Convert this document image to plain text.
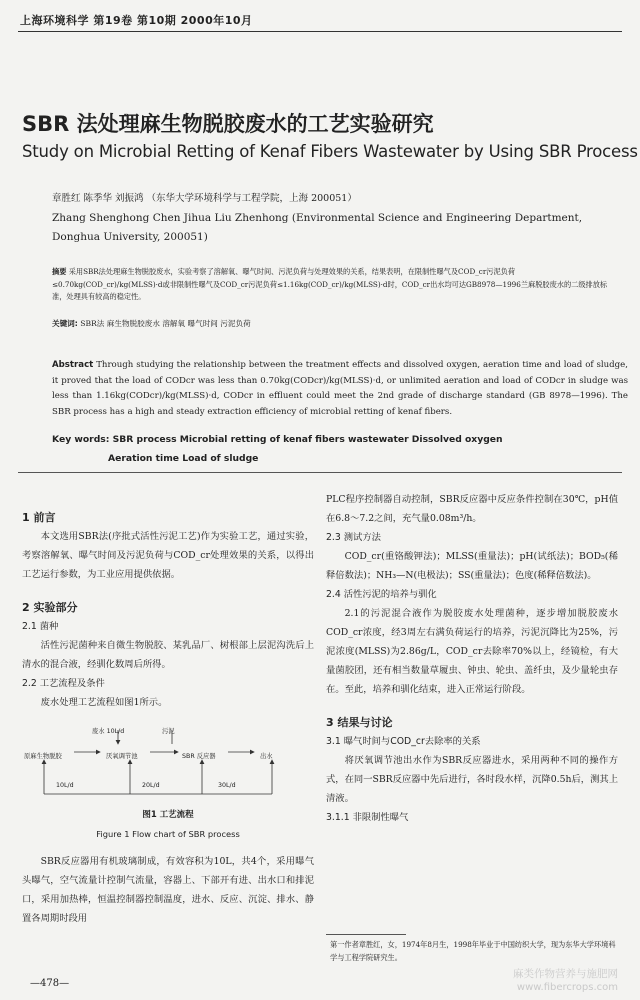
上海环境科学 第19卷 第10期 2000年10月
SBR 法处理麻生物脱胶废水的工艺实验研究
Study on Microbial Retting of Kenaf Fibers Wastewater by Using SBR Process
章胜红 陈季华 刘振鸿 （东华大学环境科学与工程学院，上海 200051）
Zhang Shenghong Chen Jihua Liu Zhenhong (Environmental Science and Engineering Department, Donghua University, 200051)
摘要 采用SBR法处理麻生物脱胶废水，实验考察了溶解氧、曝气时间、污泥负荷与处理效果的关系，结果表明，在限制性曝气及COD_cr污泥负荷≤0.70kg(COD_cr)/kg(MLSS)·d或非限制性曝气及COD_cr污泥负荷≤1.16kg(COD_cr)/kg(MLSS)·d时，COD_cr出水均可达GB8978—1996兰麻脱胶废水的二级排放标准，处理具有较高的稳定性。
关键词: SBR法 麻生物脱胶废水 溶解氧 曝气时间 污泥负荷
Abstract Through studying the relationship between the treatment effects and dissolved oxygen, aeration time and load of sludge, it proved that the load of CODcr was less than 0.70kg(CODcr)/kg(MLSS)·d, or unlimited aeration and load of CODcr in sludge was less than 1.16kg(CODcr)/kg(MLSS)·d, CODcr in effluent could meet the 2nd grade of discharge standard (GB 8978—1996). The SBR process has a high and steady extraction efficiency of microbial retting of kenaf fibers.
Key words: SBR process Microbial retting of kenaf fibers wastewater Dissolved oxygen
Aeration time Load of sludge

1 前言

本文选用SBR法(序批式活性污泥工艺)作为实验工艺，通过实验，考察溶解氧、曝气时间及污泥负荷与COD_cr处理效果的关系，以得出工艺运行参数，为工业应用提供依据。

2 实验部分

2.1 菌种

活性污泥菌种来自微生物脱胶、某乳品厂、树根部上层泥沟洗后上清水的混合液，经驯化数周后所得。

2.2 工艺流程及条件

废水处理工艺流程如图1所示。

废水 10L/d	污泥
原麻生物脱胶	厌氧调节池	SBR 反应器	出水
10L/d	20L/d	30L/d

图1 工艺流程

Figure 1 Flow chart of SBR process

SBR反应器用有机玻璃制成，有效容积为10L，共4个，采用曝气头曝气，空气流量计控制气流量，容器上、下部开有进、出水口和排泥口，采用加热棒，恒温控制器控制温度，进水、反应、沉淀、排水、静置各周期时段用

PLC程序控制器自动控制，SBR反应器中反应条件控制在30℃，pH值在6.8～7.2之间，充气量0.08m³/h。

2.3 测试方法

COD_cr(重铬酸钾法)；MLSS(重量法)；pH(试纸法)；BOD₅(稀释倍数法)；NH₃—N(电极法)；SS(重量法)；色度(稀释倍数法)。

2.4 活性污泥的培养与驯化

2.1的污泥混合液作为脱胶废水处理菌种，逐步增加脱胶废水COD_cr浓度，经3周左右满负荷运行的培养，污泥沉降比为25%，污泥浓度(MLSS)为2.86g/L，COD_cr去除率70%以上，经镜检，有大量菌胶团，还有相当数量草履虫、钟虫、轮虫、盖纤虫，及少量轮虫存在。至此，培养和驯化结束，进入正常运行阶段。

3 结果与讨论

3.1 曝气时间与COD_cr去除率的关系

将厌氧调节池出水作为SBR反应器进水，采用两种不同的操作方式，在同一SBR反应器中先后进行，各时段水样，沉降0.5h后，测其上清液。

3.1.1 非限制性曝气

第一作者章胜红，女，1974年8月生，1998年毕业于中国纺织大学，现为东华大学环境科学与工程学院研究生。
—478—
麻类作物营养与施肥网
www.fibercrops.com
